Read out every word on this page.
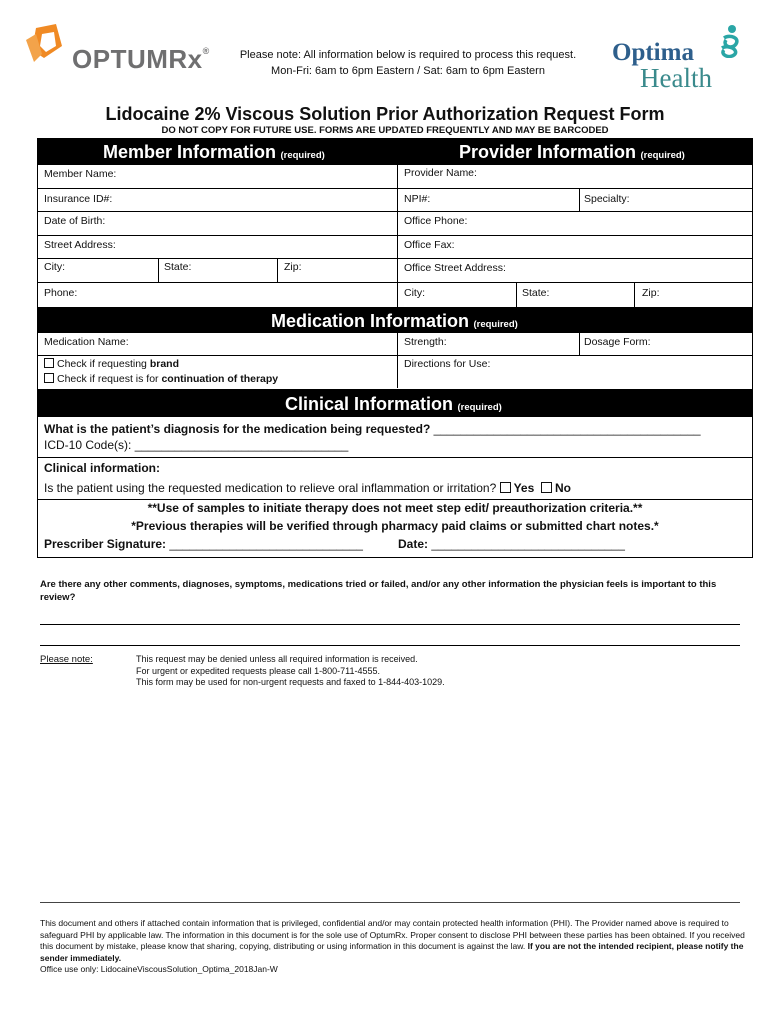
OPTUMRx®	Please note: All information below is required to process this request.
Mon-Fri: 6am to 6pm Eastern / Sat: 6am to 6pm Eastern
Optima
Health
Lidocaine 2% Viscous Solution Prior Authorization Request Form
DO NOT COPY FOR FUTURE USE. FORMS ARE UPDATED FREQUENTLY AND MAY BE BARCODED
Member Information (required)	Provider Information (required)
Member Name:
Insurance ID#:
Date of Birth:
Street Address:
City:	State:	Zip:
Phone:
Provider Name:
NPI#:	Specialty:
Office Phone:
Office Fax:
Office Street Address:
City:	State:	Zip:
Medication Information (required)
Medication Name:	Strength:	Dosage Form:
Check if requesting brand
Check if request is for continuation of therapy
Directions for Use:
Clinical Information (required)
What is the patient’s diagnosis for the medication being requested? ________________________________________
ICD-10 Code(s): ________________________________
Clinical information:
Is the patient using the requested medication to relieve oral inflammation or irritation? Yes No
**Use of samples to initiate therapy does not meet step edit/ preauthorization criteria.**
*Previous therapies will be verified through pharmacy paid claims or submitted chart notes.*
Prescriber Signature: _____________________________	Date: _____________________________
Are there any other comments, diagnoses, symptoms, medications tried or failed, and/or any other information the physician feels is important to this review?
Please note:	This request may be denied unless all required information is received.
For urgent or expedited requests please call 1-800-711-4555.
This form may be used for non-urgent requests and faxed to 1-844-403-1029.
This document and others if attached contain information that is privileged, confidential and/or may contain protected health information (PHI). The Provider named above is required to safeguard PHI by applicable law. The information in this document is for the sole use of OptumRx. Proper consent to disclose PHI between these parties has been obtained. If you received this document by mistake, please know that sharing, copying, distributing or using information in this document is against the law. If you are not the intended recipient, please notify the sender immediately.
Office use only: LidocaineViscousSolution_Optima_2018Jan-W
